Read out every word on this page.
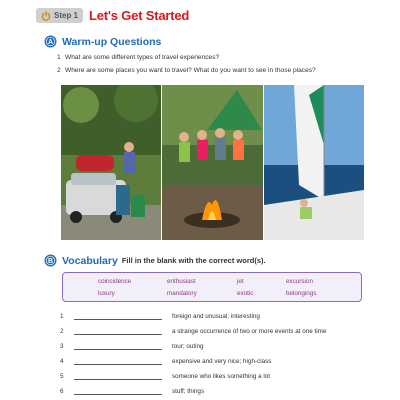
Step 1 Let's Get Started
A Warm-up Questions
1 What are some different types of travel experiences?
2 Where are some places you want to travel? What do you want to see in those places?
B Vocabulary Fill in the blank with the correct word(s).
coincidence	enthusiast	jet	excursion
luxury	mandatory	exotic	belongings
1	foreign and unusual; interesting
2	a strange occurrence of two or more events at one time
3	tour; outing
4	expensive and very nice; high-class
5	someone who likes something a lot
6	stuff; things
